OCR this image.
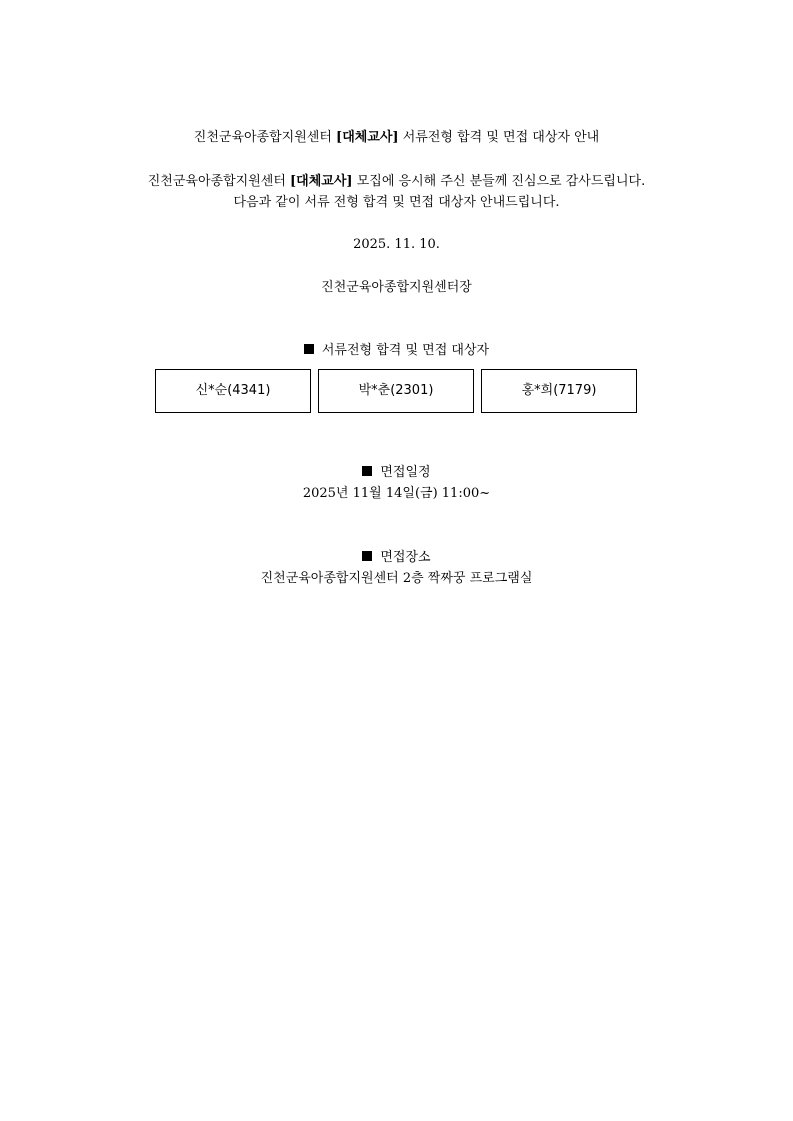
진천군육아종합지원센터 [대체교사] 서류전형 합격 및 면접 대상자 안내
진천군육아종합지원센터 [대체교사] 모집에 응시해 주신 분들께 진심으로 감사드립니다.
다음과 같이 서류 전형 합격 및 면접 대상자 안내드립니다.
2025. 11. 10.
진천군육아종합지원센터장
서류전형 합격 및 면접 대상자
신*순(4341)	박*춘(2301)	홍*희(7179)
면접일정
2025년 11월 14일(금) 11:00~
면접장소
진천군육아종합지원센터 2층 짝짜꿍 프로그램실
